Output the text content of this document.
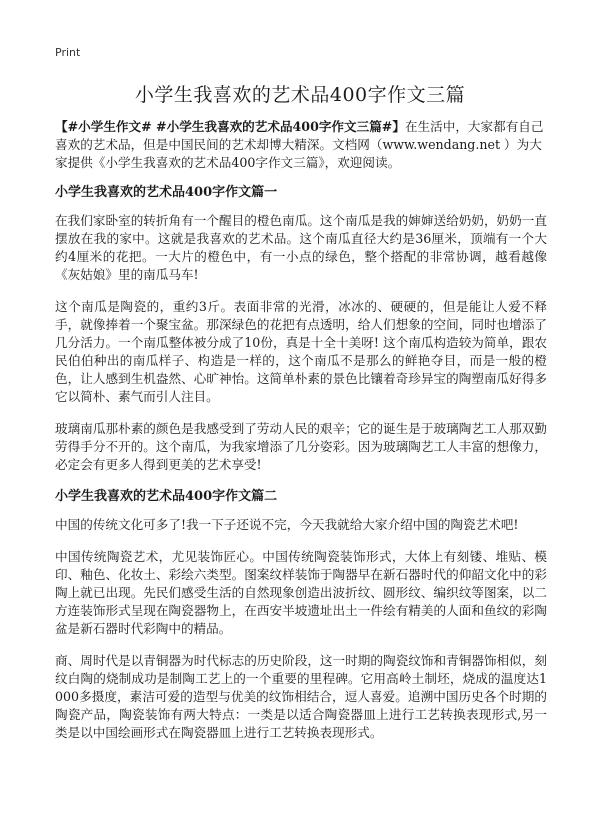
Print
小学生我喜欢的艺术品400字作文三篇

【#小学生作文# #小学生我喜欢的艺术品400字作文三篇#】在生活中，大家都有自己喜欢的艺术品，但是中国民间的艺术却博大精深。文档网（www.wendang.net ）为大家提供《小学生我喜欢的艺术品400字作文三篇》，欢迎阅读。

小学生我喜欢的艺术品400字作文篇一

在我们家卧室的转折角有一个醒目的橙色南瓜。这个南瓜是我的婶婶送给奶奶，奶奶一直摆放在我的家中。这就是我喜欢的艺术品。这个南瓜直径大约是36厘米，顶端有一个大约4厘米的花把。一大片的橙色中，有一小点的绿色，整个搭配的非常协调，越看越像《灰姑娘》里的南瓜马车!

这个南瓜是陶瓷的，重约3斤。表面非常的光滑，冰冰的、硬硬的，但是能让人爱不释手，就像捧着一个聚宝盆。那深绿色的花把有点透明，给人们想象的空间，同时也增添了几分活力。一个南瓜整体被分成了10份，真是十全十美呀! 这个南瓜构造较为简单，跟农民伯伯种出的南瓜样子、构造是一样的，这个南瓜不是那么的鲜艳夺目，而是一般的橙色，让人感到生机盎然、心旷神怡。这简单朴素的景色比镶着奇珍异宝的陶塑南瓜好得多它以简朴、素气而引人注目。

玻璃南瓜那朴素的颜色是我感受到了劳动人民的艰辛；它的诞生是于玻璃陶艺工人那双勤劳得手分不开的。这个南瓜，为我家增添了几分姿彩。因为玻璃陶艺工人丰富的想像力，必定会有更多人得到更美的艺术享受!

小学生我喜欢的艺术品400字作文篇二

中国的传统文化可多了!我一下子还说不完，今天我就给大家介绍中国的陶瓷艺术吧!

中国传统陶瓷艺术，尤见装饰匠心。中国传统陶瓷装饰形式，大体上有刻镂、堆贴、模印、釉色、化妆土、彩绘六类型。图案纹样装饰于陶器早在新石器时代的仰韶文化中的彩陶上就已出现。先民们感受生活的自然现象创造出波折纹、圆形纹、编织纹等图案，以二方连装饰形式呈现在陶瓷器物上，在西安半坡遗址出土一件绘有精美的人面和鱼纹的彩陶盆是新石器时代彩陶中的精品。

商、周时代是以青铜器为时代标志的历史阶段，这一时期的陶瓷纹饰和青铜器饰相似，刻纹白陶的烧制成功是制陶工艺上的一个重要的里程碑。它用高岭土制坯，烧成的温度达1000多摄度，素洁可爱的造型与优美的纹饰相结合，逗人喜爱。追溯中国历史各个时期的陶瓷产品，陶瓷装饰有两大特点：一类是以适合陶瓷器皿上进行工艺转换表现形式,另一类是以中国绘画形式在陶瓷器皿上进行工艺转换表现形式。
